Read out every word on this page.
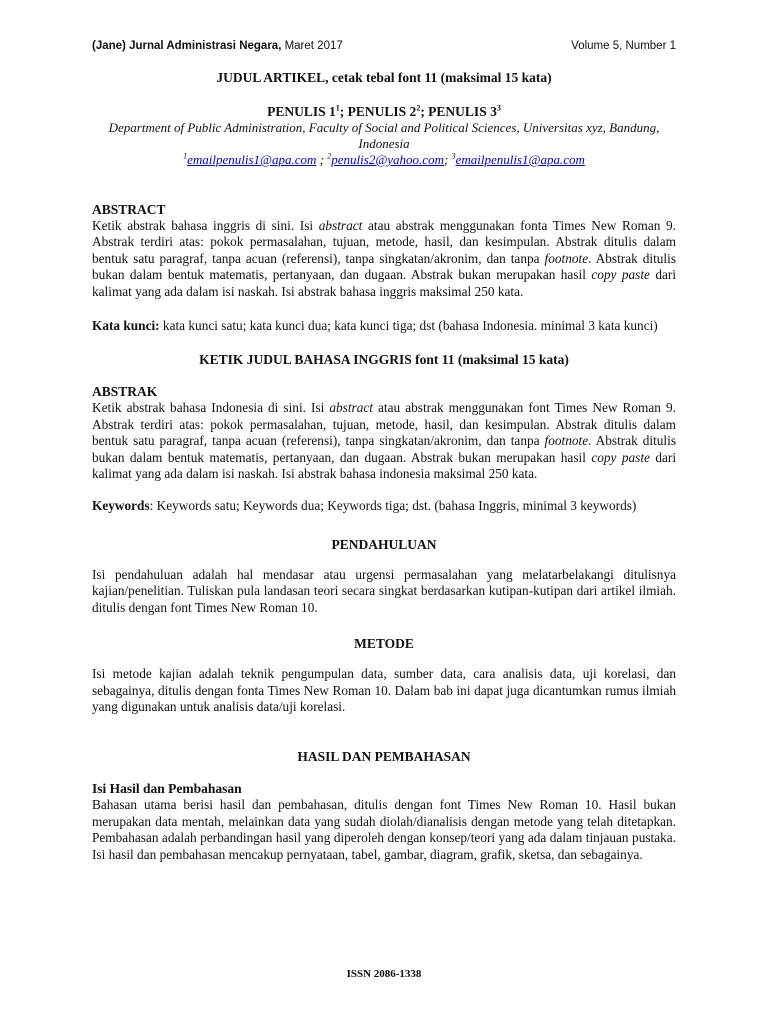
(Jane) Jurnal Administrasi Negara, Maret 2017	Volume 5, Number 1

JUDUL ARTIKEL, cetak tebal font 11 (maksimal 15 kata)

PENULIS $1^1$; PENULIS $2^2$; PENULIS $3^3$

Department of Public Administration, Faculty of Social and Political Sciences, Universitas xyz, Bandung, Indonesia

$^1$emailpenulis1@apa.com ; $^2$penulis2@yahoo.com; $^3$emailpenulis1@apa.com

ABSTRACT

Ketik abstrak bahasa inggris di sini. Isi abstract atau abstrak menggunakan fonta Times New Roman 9. Abstrak terdiri atas: pokok permasalahan, tujuan, metode, hasil, dan kesimpulan. Abstrak ditulis dalam bentuk satu paragraf, tanpa acuan (referensi), tanpa singkatan/akronim, dan tanpa footnote. Abstrak ditulis bukan dalam bentuk matematis, pertanyaan, dan dugaan. Abstrak bukan merupakan hasil copy paste dari kalimat yang ada dalam isi naskah. Isi abstrak bahasa inggris maksimal 250 kata.

Kata kunci: kata kunci satu; kata kunci dua; kata kunci tiga; dst (bahasa Indonesia. minimal 3 kata kunci)

KETIK JUDUL BAHASA INGGRIS font 11 (maksimal 15 kata)

ABSTRAK

Ketik abstrak bahasa Indonesia di sini. Isi abstract atau abstrak menggunakan font Times New Roman 9. Abstrak terdiri atas: pokok permasalahan, tujuan, metode, hasil, dan kesimpulan. Abstrak ditulis dalam bentuk satu paragraf, tanpa acuan (referensi), tanpa singkatan/akronim, dan tanpa footnote. Abstrak ditulis bukan dalam bentuk matematis, pertanyaan, dan dugaan. Abstrak bukan merupakan hasil copy paste dari kalimat yang ada dalam isi naskah. Isi abstrak bahasa indonesia maksimal 250 kata.

Keywords: Keywords satu; Keywords dua; Keywords tiga; dst. (bahasa Inggris, minimal 3 keywords)

PENDAHULUAN

Isi pendahuluan adalah hal mendasar atau urgensi permasalahan yang melatarbelakangi ditulisnya kajian/penelitian. Tuliskan pula landasan teori secara singkat berdasarkan kutipan-kutipan dari artikel ilmiah. ditulis dengan font Times New Roman 10.

METODE

Isi metode kajian adalah teknik pengumpulan data, sumber data, cara analisis data, uji korelasi, dan sebagainya, ditulis dengan fonta Times New Roman 10. Dalam bab ini dapat juga dicantumkan rumus ilmiah yang digunakan untuk analisis data/uji korelasi.

HASIL DAN PEMBAHASAN

Isi Hasil dan Pembahasan

Bahasan utama berisi hasil dan pembahasan, ditulis dengan font Times New Roman 10. Hasil bukan merupakan data mentah, melainkan data yang sudah diolah/dianalisis dengan metode yang telah ditetapkan. Pembahasan adalah perbandingan hasil yang diperoleh dengan konsep/teori yang ada dalam tinjauan pustaka. Isi hasil dan pembahasan mencakup pernyataan, tabel, gambar, diagram, grafik, sketsa, dan sebagainya.

ISSN 2086-1338
